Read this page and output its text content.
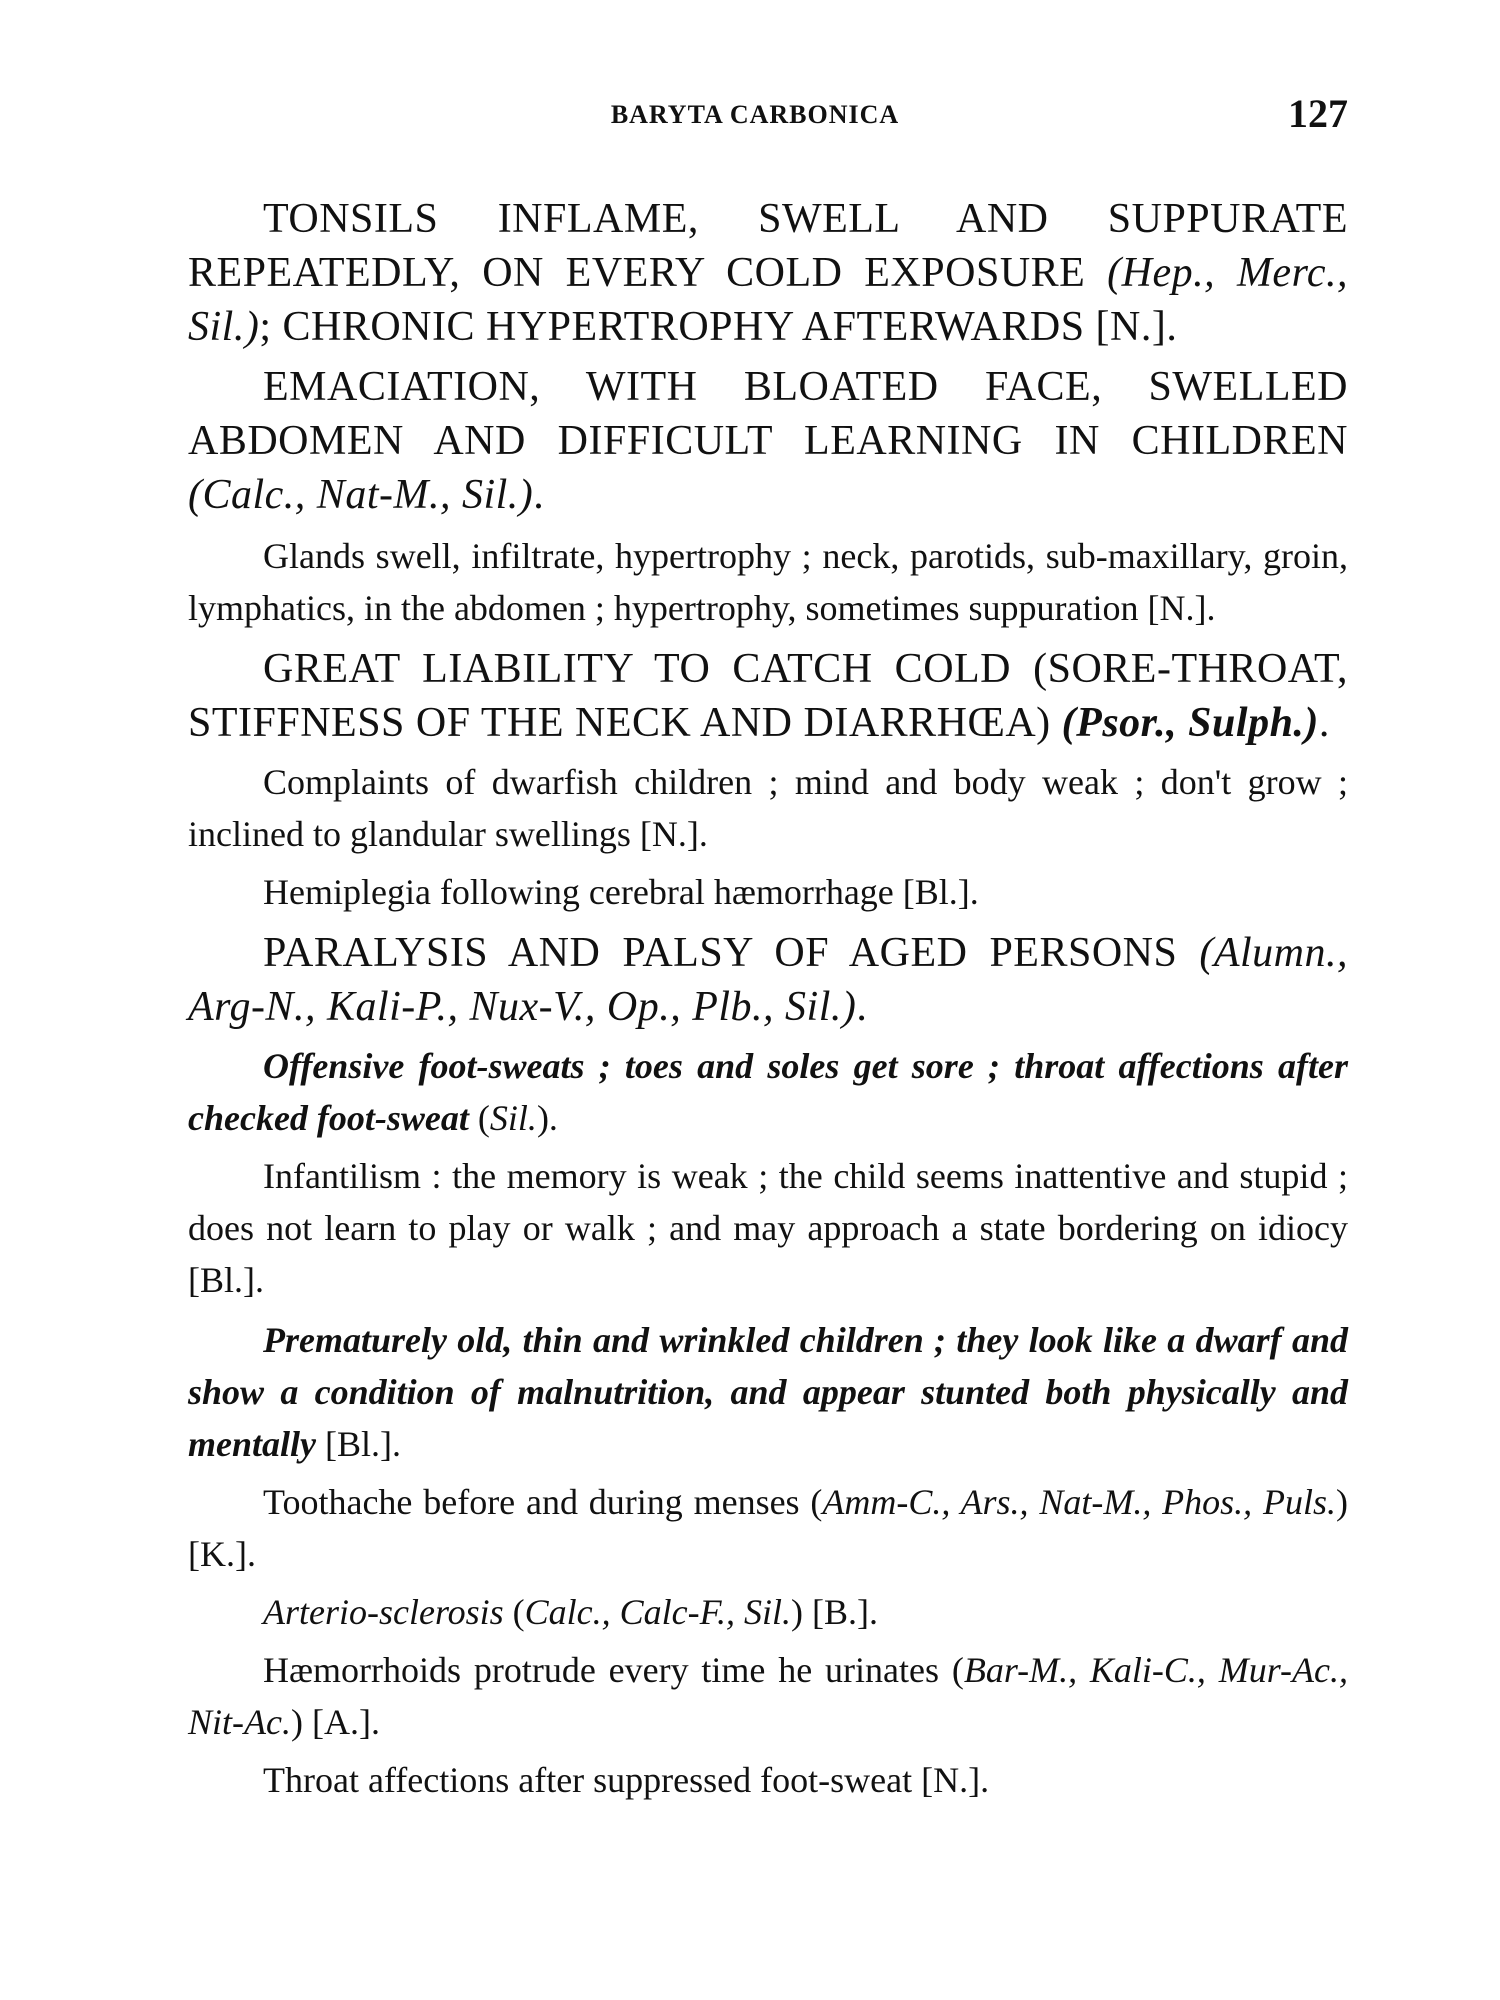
BARYTA CARBONICA	127

TONSILS INFLAME, SWELL AND SUPPURATE REPEATEDLY, ON EVERY COLD EXPOSURE (Hep., Merc., Sil.); CHRONIC HYPERTROPHY AFTERWARDS [N.].

EMACIATION, WITH BLOATED FACE, SWELLED ABDOMEN AND DIFFICULT LEARNING IN CHILDREN (Calc., Nat-M., Sil.).

Glands swell, infiltrate, hypertrophy ; neck, parotids, sub-maxillary, groin, lymphatics, in the abdomen ; hypertrophy, sometimes suppuration [N.].

GREAT LIABILITY TO CATCH COLD (SORE-THROAT, STIFFNESS OF THE NECK AND DIARRHŒA) (Psor., Sulph.).

Complaints of dwarfish children ; mind and body weak ; don't grow ; inclined to glandular swellings [N.].

Hemiplegia following cerebral hæmorrhage [Bl.].

PARALYSIS AND PALSY OF AGED PERSONS (Alumn., Arg-N., Kali-P., Nux-V., Op., Plb., Sil.).

Offensive foot-sweats ; toes and soles get sore ; throat affections after checked foot-sweat (Sil.).

Infantilism : the memory is weak ; the child seems inattentive and stupid ; does not learn to play or walk ; and may approach a state bordering on idiocy [Bl.].

Prematurely old, thin and wrinkled children ; they look like a dwarf and show a condition of malnutrition, and appear stunted both physically and mentally [Bl.].

Toothache before and during menses (Amm-C., Ars., Nat-M., Phos., Puls.) [K.].

Arterio-sclerosis (Calc., Calc-F., Sil.) [B.].

Hæmorrhoids protrude every time he urinates (Bar-M., Kali-C., Mur-Ac., Nit-Ac.) [A.].

Throat affections after suppressed foot-sweat [N.].
